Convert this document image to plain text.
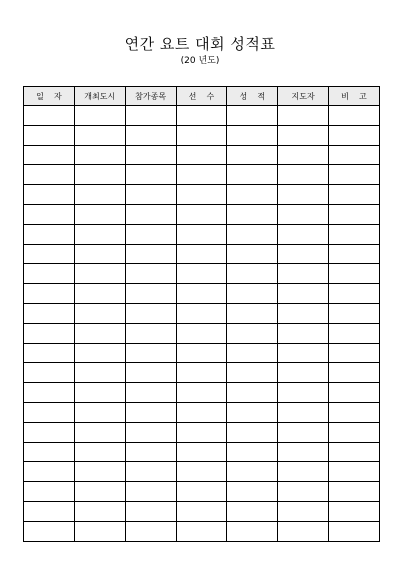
연간 요트 대회 성적표
(20 년도)
일    자	개최도시	참가종목	선    수	성    적	지도자	비    고
